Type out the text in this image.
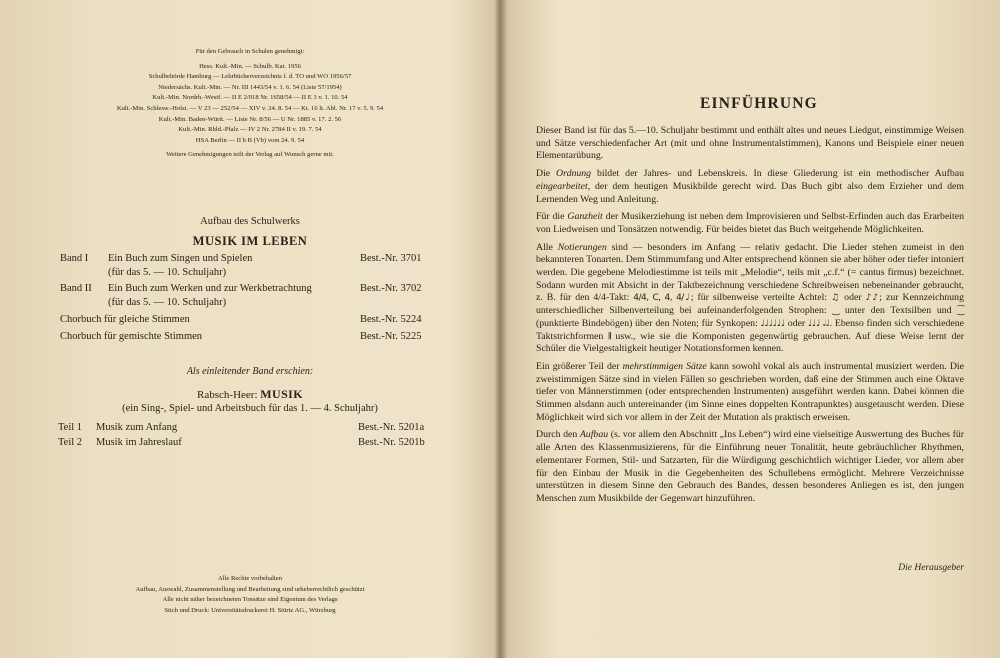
Für den Gebrauch in Schulen genehmigt:
Hess. Kult.-Min. — Schulb. Kat. 1956
Schulbehörde Hamburg — Lehrbücherverzeichnis f. d. TO und WO 1956/57
Niedersächs. Kult.-Min. — Nr. III 1443/54 v. 1. 6. 54 (Liste 57/1954)
Kult.-Min. Nordrh.-Westf. — II E 2/018 Nr. 1658/54 — II E 3 v. 1. 10. 54
Kult.-Min. Schlesw.-Holst. — V 23 — 252/54 — XIV v. 24. 8. 54 — Kt. 16 lt. Abl. Nr. 17 v. 5. 9. 54
Kult.-Min. Baden-Württ. — Liste Nr. 8/56 — U Nr. 1885 v. 17. 2. 56
Kult.-Min. Rhld.-Pfalz — IV 2 Nr. 2784 II v. 19. 7. 54
HSA Berlin — II b B (Vb) vom 24. 9. 54
Weitere Genehmigungen teilt der Verlag auf Wunsch gerne mit.
Aufbau des Schulwerks
MUSIK IM LEBEN
Band I	Ein Buch zum Singen und Spielen	Best.-Nr. 3701
(für das 5. — 10. Schuljahr)
Band II	Ein Buch zum Werken und zur Werkbetrachtung	Best.-Nr. 3702
(für das 5. — 10. Schuljahr)
Chorbuch für gleiche Stimmen	Best.-Nr. 5224
Chorbuch für gemischte Stimmen	Best.-Nr. 5225
Als einleitender Band erschien:
Rabsch-Heer: MUSIK
(ein Sing-, Spiel- und Arbeitsbuch für das 1. — 4. Schuljahr)
Teil 1	Musik zum Anfang	Best.-Nr. 5201a
Teil 2	Musik im Jahreslauf	Best.-Nr. 5201b
Alle Rechte vorbehalten
Aufbau, Auswahl, Zusammenstellung und Bearbeitung sind urheberrechtlich geschützt
Alle nicht näher bezeichneten Tonsätze sind Eigentum des Verlags
Stich und Druck: Universitätsdruckerei H. Stürtz AG., Würzburg
EINFÜHRUNG

Dieser Band ist für das 5.—10. Schuljahr bestimmt und enthält altes und neues Liedgut, einstimmige Weisen und Sätze verschiedenfacher Art (mit und ohne Instrumentalstimmen), Kanons und Beispiele einer neuen Elementarübung.

Die Ordnung bildet der Jahres- und Lebenskreis. In diese Gliederung ist ein methodischer Aufbau eingearbeitet, der dem heutigen Musikbilde gerecht wird. Das Buch gibt also dem Erzieher und dem Lernenden Weg und Anleitung.

Für die Ganzheit der Musikerziehung ist neben dem Improvisieren und Selbst-Erfinden auch das Erarbeiten von Liedweisen und Tonsätzen notwendig. Für beides bietet das Buch weitgehende Möglichkeiten.

Alle Notierungen sind — besonders im Anfang — relativ gedacht. Die Lieder stehen zumeist in den bekannteren Tonarten. Dem Stimmumfang und Alter entsprechend können sie aber höher oder tiefer intoniert werden. Die gegebene Melodiestimme ist teils mit „Melodie“, teils mit „c.f.“ (= cantus firmus) bezeichnet. Sodann wurden mit Absicht in der Taktbezeichnung verschiedene Schreibweisen nebeneinander gebraucht, z. B. für den 4/4-Takt: 4/4, C, 4, 4/♩; für silbenweise verteilte Achtel: ♫ oder ♪♪; zur Kennzeichnung unterschiedlicher Silbenverteilung bei aufeinanderfolgenden Strophen: ‿ unter den Textsilben und ⁐ (punktierte Bindebögen) über den Noten; für Synkopen: ♩♩♩♩♩♩ oder ♩♩♩ 𝅗𝅥♩. Ebenso finden sich verschiedene Taktstrichformen 𝄁𝄂 usw., wie sie die Komponisten gegenwärtig gebrauchen. Auf diese Weise lernt der Schüler die Vielgestaltigkeit heutiger Notationsformen kennen.

Ein größerer Teil der mehrstimmigen Sätze kann sowohl vokal als auch instrumental musiziert werden. Die zweistimmigen Sätze sind in vielen Fällen so geschrieben worden, daß eine der Stimmen auch eine Oktave tiefer von Männerstimmen (oder entsprechenden Instrumenten) ausgeführt werden kann. Dabei können die Stimmen alsdann auch untereinander (im Sinne eines doppelten Kontrapunktes) ausgetauscht werden. Diese Möglichkeit wird sich vor allem in der Zeit der Mutation als praktisch erweisen.

Durch den Aufbau (s. vor allem den Abschnitt „Ins Leben“) wird eine vielseitige Auswertung des Buches für alle Arten des Klassenmusizierens, für die Einführung neuer Tonalität, heute gebräuchlicher Rhythmen, elementarer Formen, Stil- und Satzarten, für die Würdigung geschichtlich wichtiger Lieder, vor allem aber für den Einbau der Musik in die Gegebenheiten des Schullebens ermöglicht. Mehrere Verzeichnisse unterstützen in diesem Sinne den Gebrauch des Bandes, dessen besonderes Anliegen es ist, den jungen Menschen zum Musikbilde der Gegenwart hinzuführen.

Die Herausgeber
